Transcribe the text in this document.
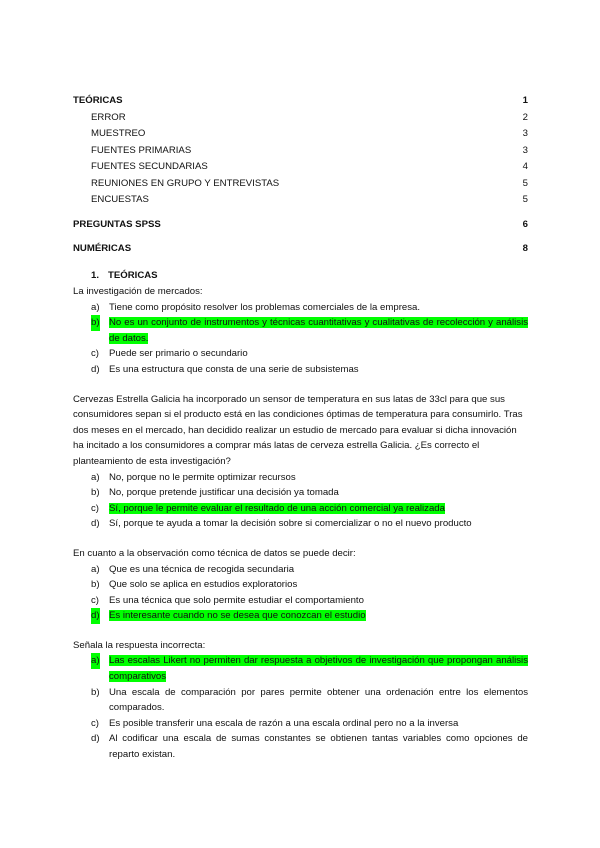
TEÓRICAS	1
ERROR	2
MUESTREO	3
FUENTES PRIMARIAS	3
FUENTES SECUNDARIAS	4
REUNIONES EN GRUPO Y ENTREVISTAS	5
ENCUESTAS	5
PREGUNTAS SPSS	6
NUMÉRICAS	8
1. TEÓRICAS

La investigación de mercados:

a) Tiene como propósito resolver los problemas comerciales de la empresa.
b) No es un conjunto de instrumentos y técnicas cuantitativas y cualitativas de recolección y análisis de datos.
c) Puede ser primario o secundario
d) Es una estructura que consta de una serie de subsistemas

Cervezas Estrella Galicia ha incorporado un sensor de temperatura en sus latas de 33cl para que sus consumidores sepan si el producto está en las condiciones óptimas de temperatura para consumirlo. Tras dos meses en el mercado, han decidido realizar un estudio de mercado para evaluar si dicha innovación ha incitado a los consumidores a comprar más latas de cerveza estrella Galicia. ¿Es correcto el planteamiento de esta investigación?

a) No, porque no le permite optimizar recursos
b) No, porque pretende justificar una decisión ya tomada
c) Sí, porque le permite evaluar el resultado de una acción comercial ya realizada
d) Sí, porque te ayuda a tomar la decisión sobre si comercializar o no el nuevo producto

En cuanto a la observación como técnica de datos se puede decir:

a) Que es una técnica de recogida secundaria
b) Que solo se aplica en estudios exploratorios
c) Es una técnica que solo permite estudiar el comportamiento
d) Es interesante cuando no se desea que conozcan el estudio

Señala la respuesta incorrecta:

a) Las escalas Likert no permiten dar respuesta a objetivos de investigación que propongan análisis comparativos
b) Una escala de comparación por pares permite obtener una ordenación entre los elementos comparados.
c) Es posible transferir una escala de razón a una escala ordinal pero no a la inversa
d) Al codificar una escala de sumas constantes se obtienen tantas variables como opciones de reparto existan.
